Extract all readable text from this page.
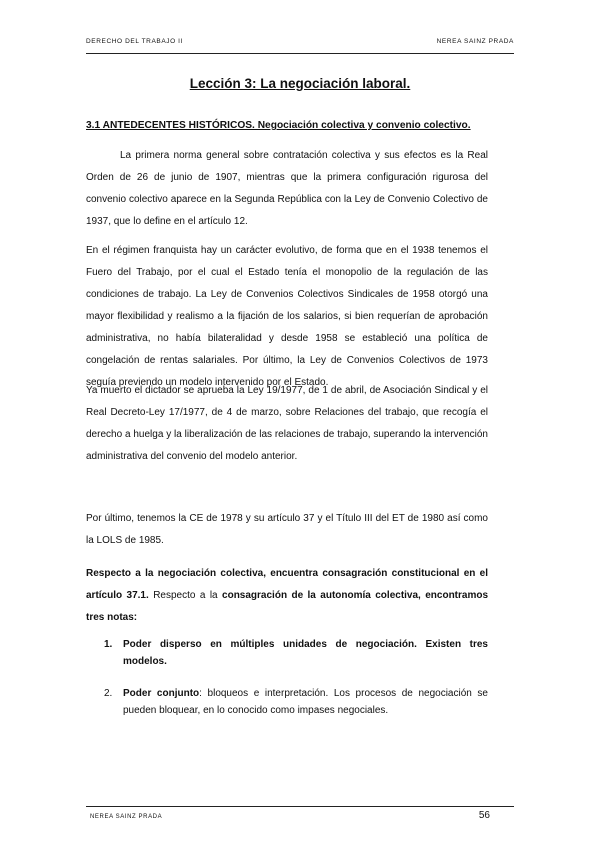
DERECHO DEL TRABAJO II	NEREA SAINZ PRADA
Lección 3: La negociación laboral.
3.1 ANTEDECENTES HISTÓRICOS. Negociación colectiva y convenio colectivo.
La primera norma general sobre contratación colectiva y sus efectos es la Real Orden de 26 de junio de 1907, mientras que la primera configuración rigurosa del convenio colectivo aparece en la Segunda República con la Ley de Convenio Colectivo de 1937, que lo define en el artículo 12.
En el régimen franquista hay un carácter evolutivo, de forma que en el 1938 tenemos el Fuero del Trabajo, por el cual el Estado tenía el monopolio de la regulación de las condiciones de trabajo. La Ley de Convenios Colectivos Sindicales de 1958 otorgó una mayor flexibilidad y realismo a la fijación de los salarios, si bien requerían de aprobación administrativa, no había bilateralidad y desde 1958 se estableció una política de congelación de rentas salariales. Por último, la Ley de Convenios Colectivos de 1973 seguía previendo un modelo intervenido por el Estado.
Ya muerto el dictador se aprueba la Ley 19/1977, de 1 de abril, de Asociación Sindical y el Real Decreto-Ley 17/1977, de 4 de marzo, sobre Relaciones del trabajo, que recogía el derecho a huelga y la liberalización de las relaciones de trabajo, superando la intervención administrativa del convenio del modelo anterior.
Por último, tenemos la CE de 1978 y su artículo 37 y el Título III del ET de 1980 así como la LOLS de 1985.
Respecto a la negociación colectiva, encuentra consagración constitucional en el artículo 37.1. Respecto a la consagración de la autonomía colectiva, encontramos tres notas:
1. Poder disperso en múltiples unidades de negociación. Existen tres modelos.
2. Poder conjunto: bloqueos e interpretación. Los procesos de negociación se pueden bloquear, en lo conocido como impases negociales.
NEREA SAINZ PRADA	56
